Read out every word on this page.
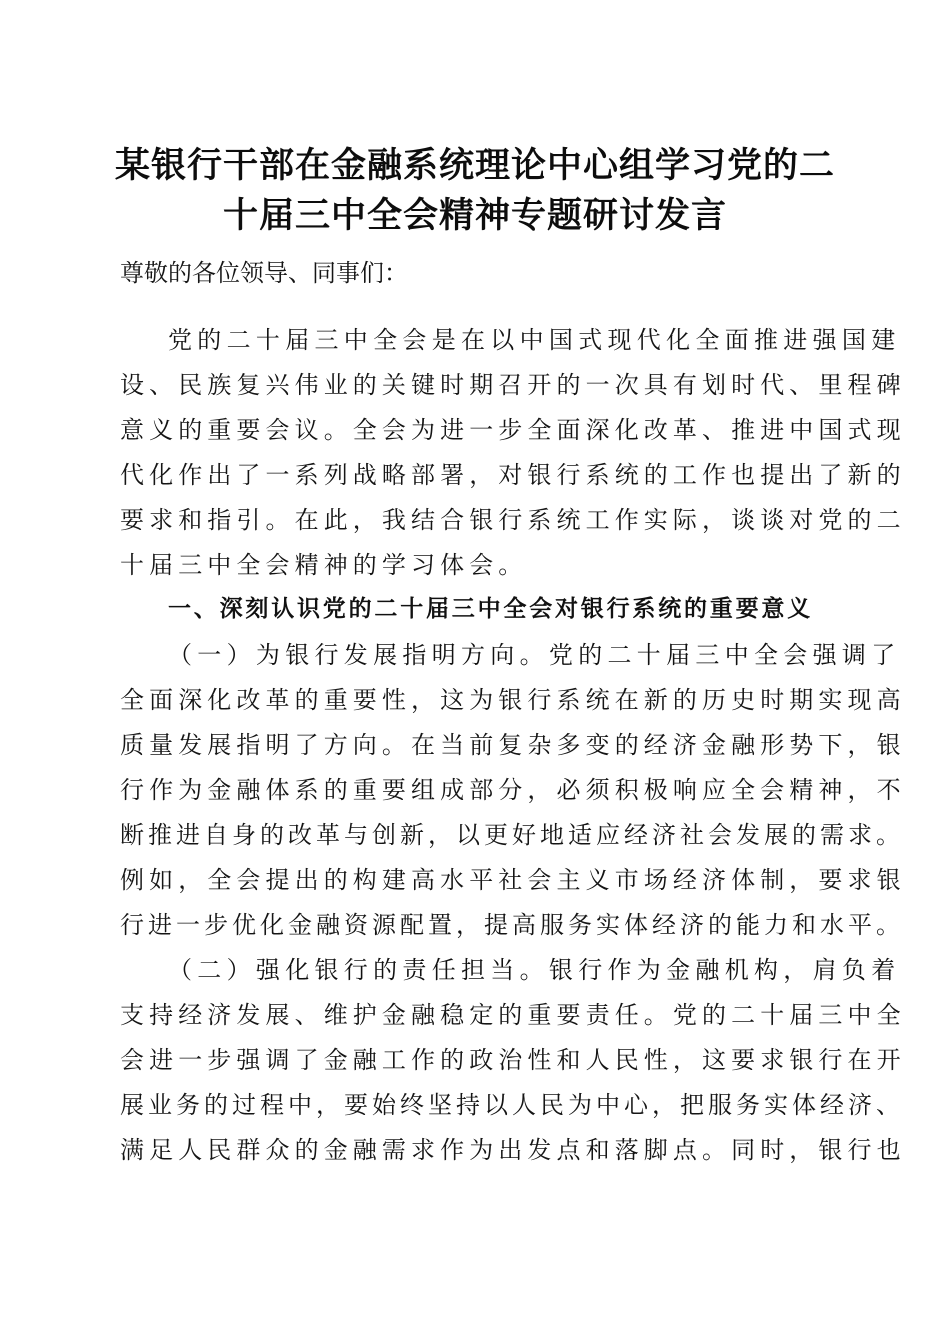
某银行干部在金融系统理论中心组学习党的二
十届三中全会精神专题研讨发言
尊敬的各位领导、同事们：
党的二十届三中全会是在以中国式现代化全面推进强国建
设、民族复兴伟业的关键时期召开的一次具有划时代、里程碑
意义的重要会议。全会为进一步全面深化改革、推进中国式现
代化作出了一系列战略部署，对银行系统的工作也提出了新的
要求和指引。在此，我结合银行系统工作实际，谈谈对党的二
十届三中全会精神的学习体会。
一、深刻认识党的二十届三中全会对银行系统的重要意义
（一）为银行发展指明方向。党的二十届三中全会强调了
全面深化改革的重要性，这为银行系统在新的历史时期实现高
质量发展指明了方向。在当前复杂多变的经济金融形势下，银
行作为金融体系的重要组成部分，必须积极响应全会精神，不
断推进自身的改革与创新，以更好地适应经济社会发展的需求。
例如，全会提出的构建高水平社会主义市场经济体制，要求银
行进一步优化金融资源配置，提高服务实体经济的能力和水平。
（二）强化银行的责任担当。银行作为金融机构，肩负着
支持经济发展、维护金融稳定的重要责任。党的二十届三中全
会进一步强调了金融工作的政治性和人民性，这要求银行在开
展业务的过程中，要始终坚持以人民为中心，把服务实体经济、
满足人民群众的金融需求作为出发点和落脚点。同时，银行也
